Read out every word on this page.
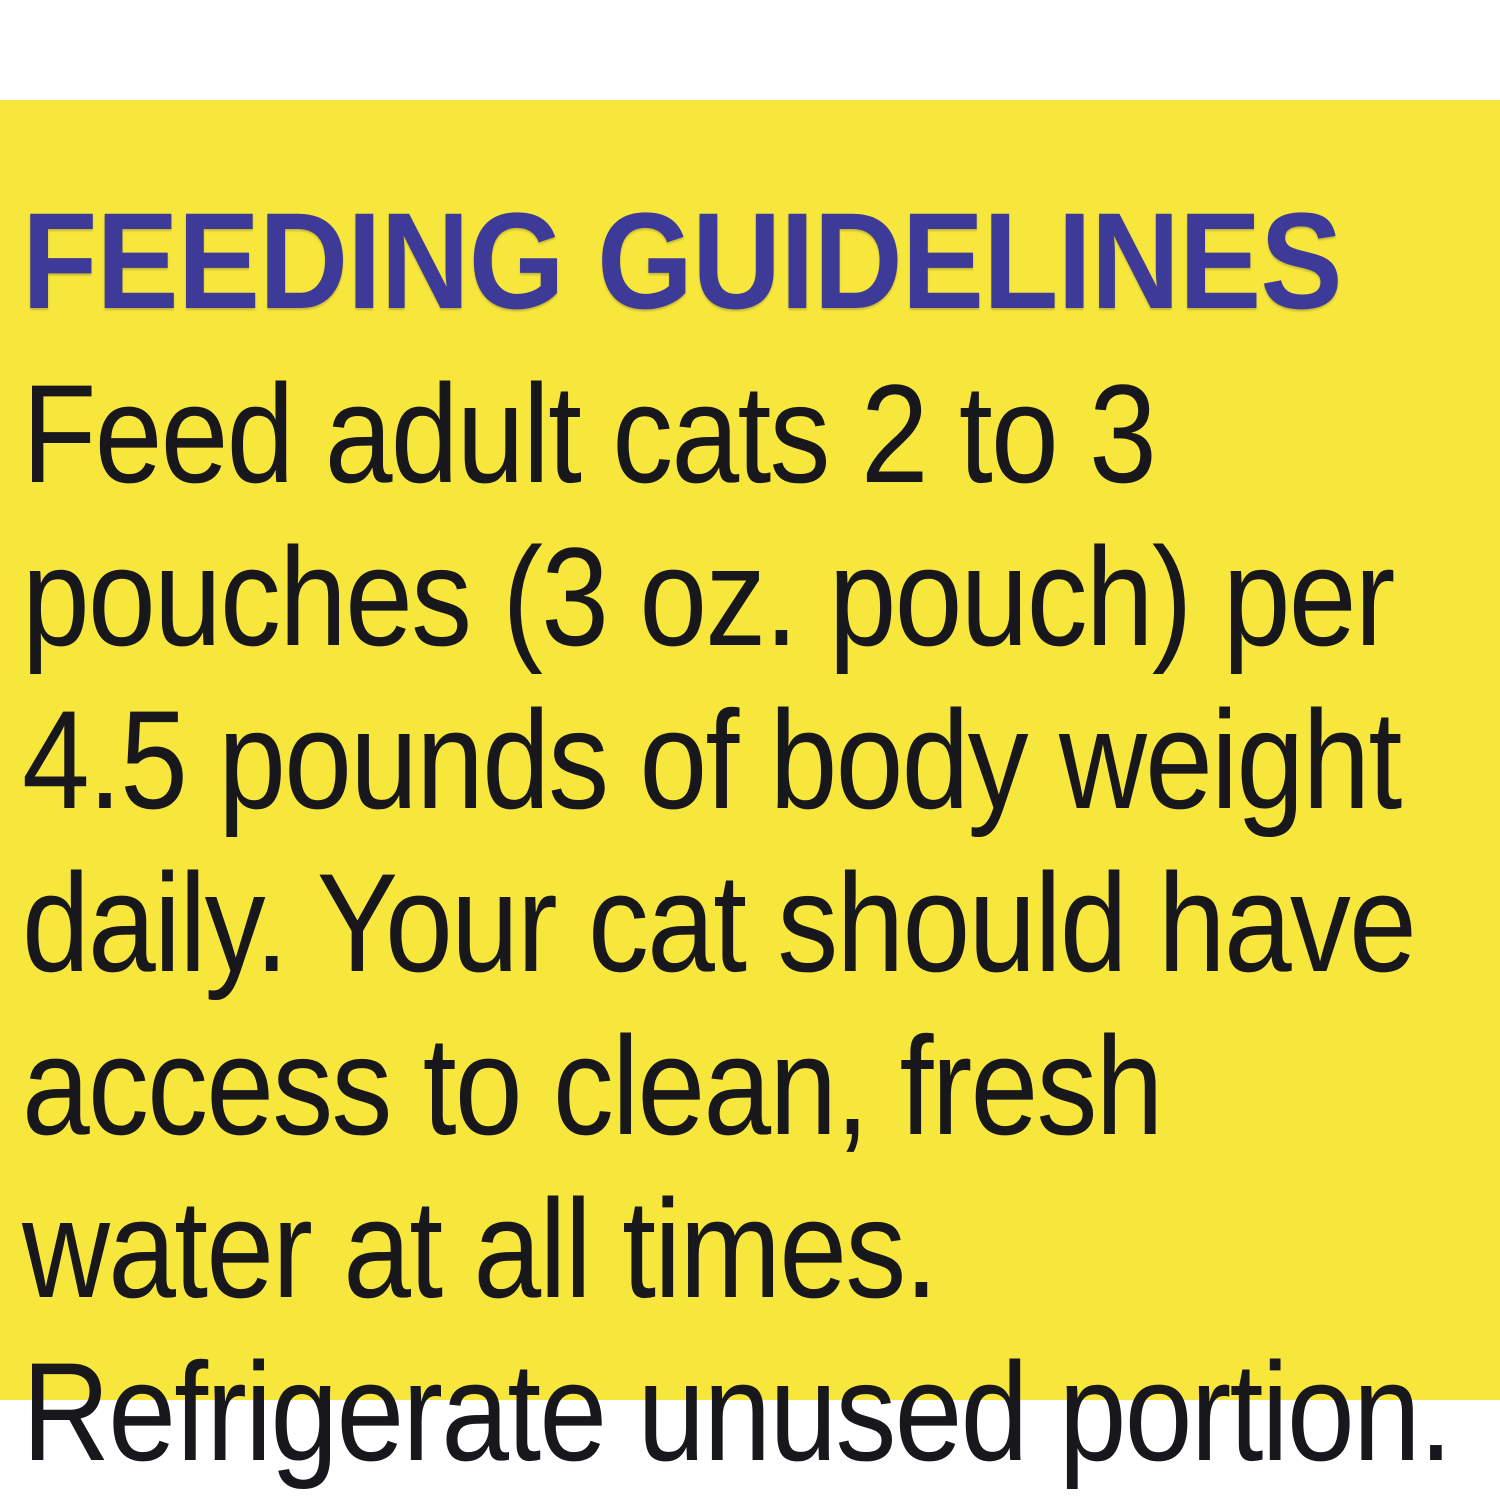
FEEDING GUIDELINES
Feed adult cats 2 to 3
pouches (3 oz. pouch) per
4.5 pounds of body weight
daily. Your cat should have
access to clean, fresh
water at all times.
Refrigerate unused portion.
